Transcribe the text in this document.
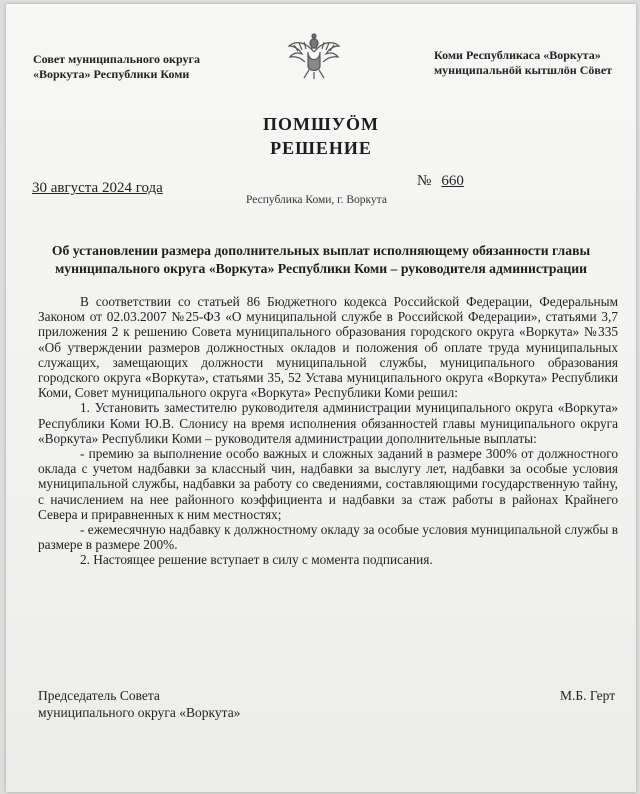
Совет муниципального округа
«Воркута» Республики Коми
Коми Республикаса «Воркута»
муниципальнӧй кытшлӧн Сӧвет
ПОМШУÖМ
РЕШЕНИЕ
30 августа 2024 года	№ 660
Республика Коми, г. Воркута
Об установлении размера дополнительных выплат исполняющему обязанности главы
муниципального округа «Воркута» Республики Коми – руководителя администрации

В соответствии со статьей 86 Бюджетного кодекса Российской Федерации, Федеральным Законом от 02.03.2007 №25-ФЗ «О муниципальной службе в Российской Федерации», статьями 3,7 приложения 2 к решению Совета муниципального образования городского округа «Воркута» №335 «Об утверждении размеров должностных окладов и положения об оплате труда муниципальных служащих, замещающих должности муниципальной службы, муниципального образования городского округа «Воркута», статьями 35, 52 Устава муниципального округа «Воркута» Республики Коми, Совет муниципального округа «Воркута» Республики Коми решил:

1. Установить заместителю руководителя администрации муниципального округа «Воркута» Республики Коми Ю.В. Слонису на время исполнения обязанностей главы муниципального округа «Воркута» Республики Коми – руководителя администрации дополнительные выплаты:

- премию за выполнение особо важных и сложных заданий в размере 300% от должностного оклада с учетом надбавки за классный чин, надбавки за выслугу лет, надбавки за особые условия муниципальной службы, надбавки за работу со сведениями, составляющими государственную тайну, с начислением на нее районного коэффициента и надбавки за стаж работы в районах Крайнего Севера и приравненных к ним местностях;

- ежемесячную надбавку к должностному окладу за особые условия муниципальной службы в размере в размере 200%.

2. Настоящее решение вступает в силу с момента подписания.

Председатель Совета
муниципального округа «Воркута»
М.Б. Герт
